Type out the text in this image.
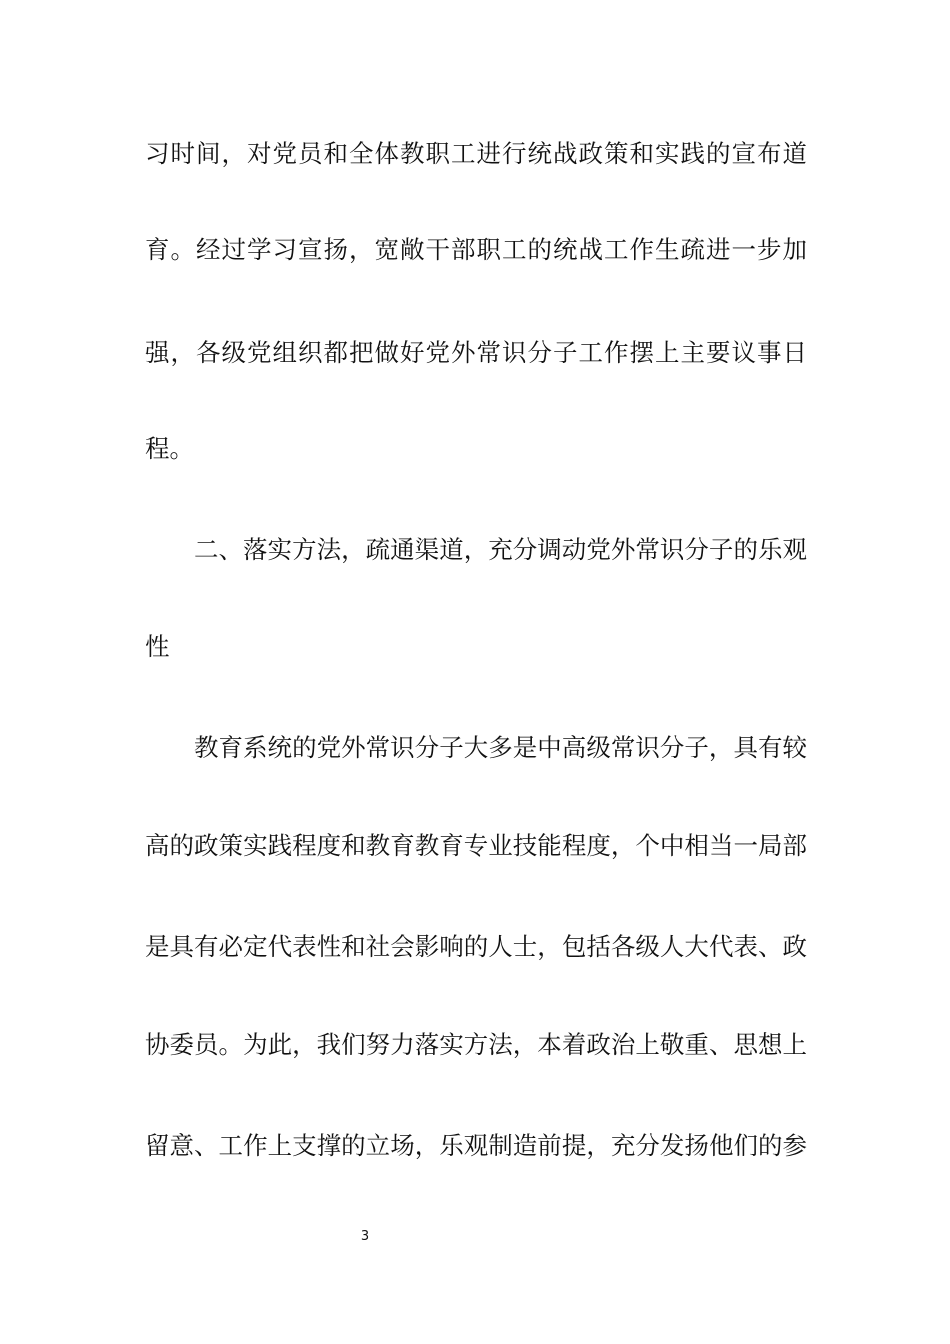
习时间，对党员和全体教职工进行统战政策和实践的宣布道
育。经过学习宣扬，宽敞干部职工的统战工作生疏进一步加
强，各级党组织都把做好党外常识分子工作摆上主要议事日
程。
二、落实方法，疏通渠道，充分调动党外常识分子的乐观
性
教育系统的党外常识分子大多是中高级常识分子，具有较
高的政策实践程度和教育教育专业技能程度，个中相当一局部
是具有必定代表性和社会影响的人士，包括各级人大代表、政
协委员。为此，我们努力落实方法，本着政治上敬重、思想上
留意、工作上支撑的立场，乐观制造前提，充分发扬他们的参
3
